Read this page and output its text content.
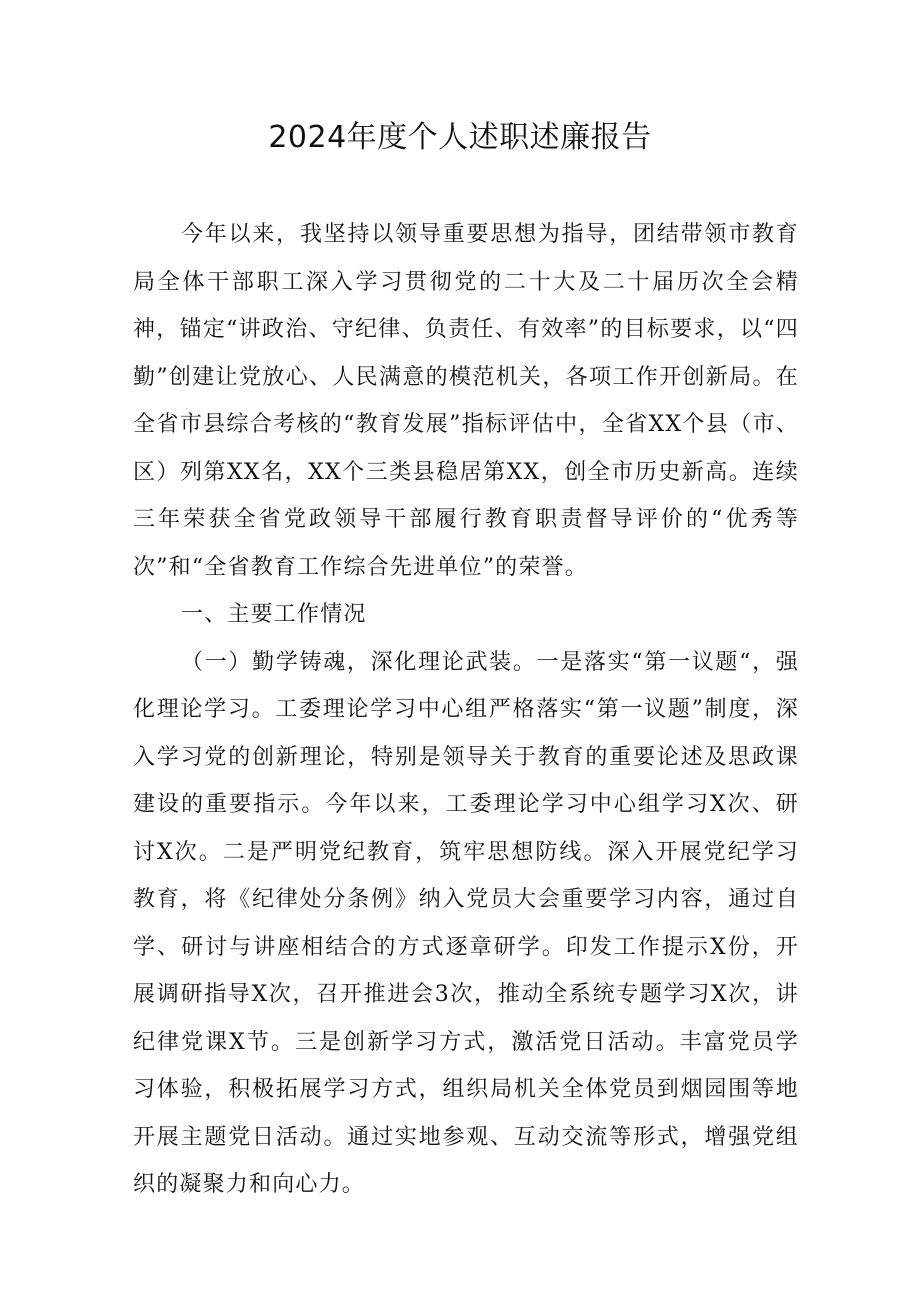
2024年度个人述职述廉报告

今年以来，我坚持以领导重要思想为指导，团结带领市教育局全体干部职工深入学习贯彻党的二十大及二十届历次全会精神，锚定“讲政治、守纪律、负责任、有效率”的目标要求，以“四勤”创建让党放心、人民满意的模范机关，各项工作开创新局。在全省市县综合考核的“教育发展”指标评估中，全省XX个县（市、区）列第XX名，XX个三类县稳居第XX，创全市历史新高。连续三年荣获全省党政领导干部履行教育职责督导评价的“优秀等次”和“全省教育工作综合先进单位”的荣誉。

一、主要工作情况

（一）勤学铸魂，深化理论武装。一是落实“第一议题“，强化理论学习。工委理论学习中心组严格落实“第一议题”制度，深入学习党的创新理论，特别是领导关于教育的重要论述及思政课建设的重要指示。今年以来，工委理论学习中心组学习X次、研讨X次。二是严明党纪教育，筑牢思想防线。深入开展党纪学习教育，将《纪律处分条例》纳入党员大会重要学习内容，通过自学、研讨与讲座相结合的方式逐章研学。印发工作提示X份，开展调研指导X次，召开推进会3次，推动全系统专题学习X次，讲纪律党课X节。三是创新学习方式，激活党日活动。丰富党员学习体验，积极拓展学习方式，组织局机关全体党员到烟园围等地开展主题党日活动。通过实地参观、互动交流等形式，增强党组织的凝聚力和向心力。
